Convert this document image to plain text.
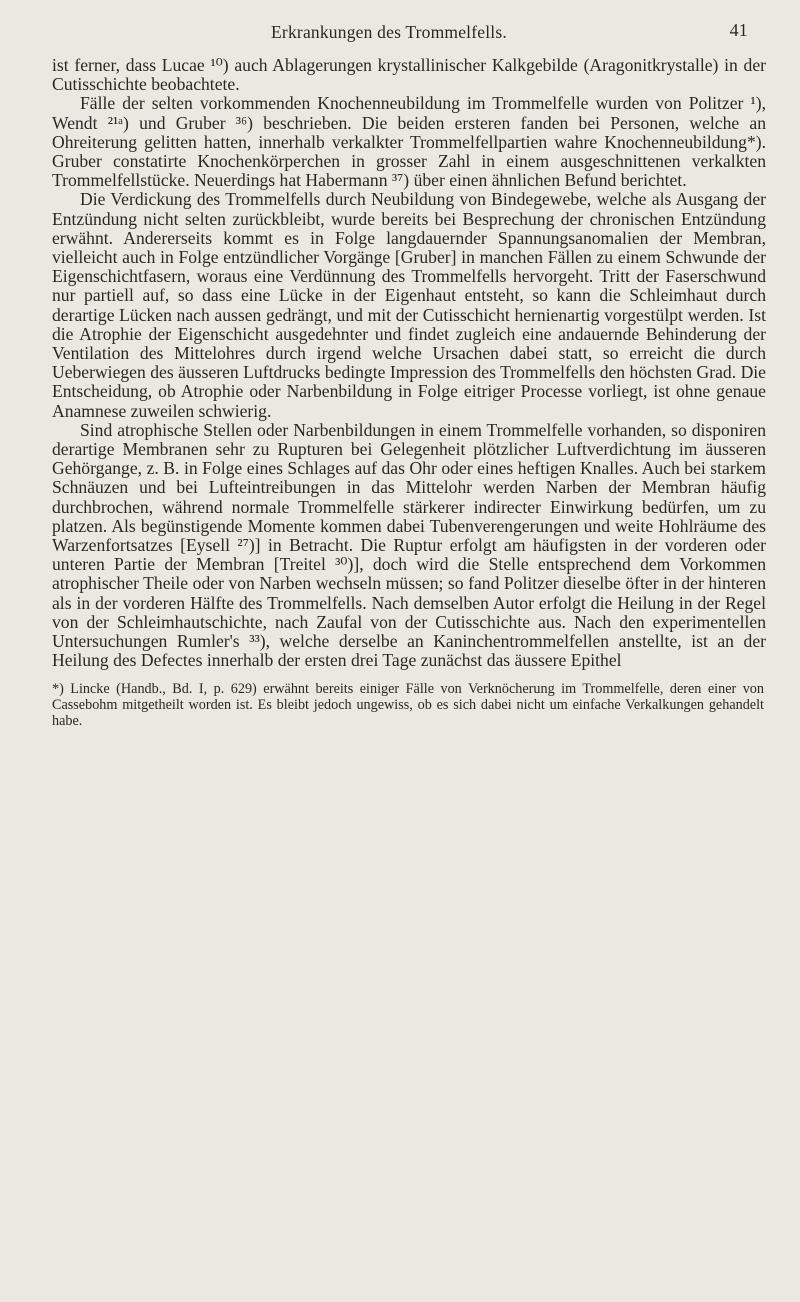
Erkrankungen des Trommelfells.	41

ist ferner, dass Lucae ¹⁰) auch Ablagerungen krystallinischer Kalkgebilde (Aragonitkrystalle) in der Cutisschichte beobachtete.

Fälle der selten vorkommenden Knochenneubildung im Trommelfelle wurden von Politzer ¹), Wendt ²¹ᵃ) und Gruber ³⁶) beschrieben. Die beiden ersteren fanden bei Personen, welche an Ohreiterung gelitten hatten, innerhalb verkalkter Trommelfellpartien wahre Knochenneubildung*). Gruber constatirte Knochenkörperchen in grosser Zahl in einem ausgeschnittenen verkalkten Trommelfellstücke. Neuerdings hat Habermann ³⁷) über einen ähnlichen Befund berichtet.

Die Verdickung des Trommelfells durch Neubildung von Bindegewebe, welche als Ausgang der Entzündung nicht selten zurückbleibt, wurde bereits bei Besprechung der chronischen Entzündung erwähnt. Andererseits kommt es in Folge langdauernder Spannungsanomalien der Membran, vielleicht auch in Folge entzündlicher Vorgänge [Gruber] in manchen Fällen zu einem Schwunde der Eigenschichtfasern, woraus eine Verdünnung des Trommelfells hervorgeht. Tritt der Faserschwund nur partiell auf, so dass eine Lücke in der Eigenhaut entsteht, so kann die Schleimhaut durch derartige Lücken nach aussen gedrängt, und mit der Cutisschicht hernienartig vorgestülpt werden. Ist die Atrophie der Eigenschicht ausgedehnter und findet zugleich eine andauernde Behinderung der Ventilation des Mittelohres durch irgend welche Ursachen dabei statt, so erreicht die durch Ueberwiegen des äusseren Luftdrucks bedingte Impression des Trommelfells den höchsten Grad. Die Entscheidung, ob Atrophie oder Narbenbildung in Folge eitriger Processe vorliegt, ist ohne genaue Anamnese zuweilen schwierig.

Sind atrophische Stellen oder Narbenbildungen in einem Trommelfelle vorhanden, so disponiren derartige Membranen sehr zu Rupturen bei Gelegenheit plötzlicher Luftverdichtung im äusseren Gehörgange, z. B. in Folge eines Schlages auf das Ohr oder eines heftigen Knalles. Auch bei starkem Schnäuzen und bei Lufteintreibungen in das Mittelohr werden Narben der Membran häufig durchbrochen, während normale Trommelfelle stärkerer indirecter Einwirkung bedürfen, um zu platzen. Als begünstigende Momente kommen dabei Tubenverengerungen und weite Hohlräume des Warzenfortsatzes [Eysell ²⁷)] in Betracht. Die Ruptur erfolgt am häufigsten in der vorderen oder unteren Partie der Membran [Treitel ³⁰)], doch wird die Stelle entsprechend dem Vorkommen atrophischer Theile oder von Narben wechseln müssen; so fand Politzer dieselbe öfter in der hinteren als in der vorderen Hälfte des Trommelfells. Nach demselben Autor erfolgt die Heilung in der Regel von der Schleimhautschichte, nach Zaufal von der Cutisschichte aus. Nach den experimentellen Untersuchungen Rumler's ³³), welche derselbe an Kaninchentrommelfellen anstellte, ist an der Heilung des Defectes innerhalb der ersten drei Tage zunächst das äussere Epithel

*) Lincke (Handb., Bd. I, p. 629) erwähnt bereits einiger Fälle von Verknöcherung im Trommelfelle, deren einer von Cassebohm mitgetheilt worden ist. Es bleibt jedoch ungewiss, ob es sich dabei nicht um einfache Verkalkungen gehandelt habe.
